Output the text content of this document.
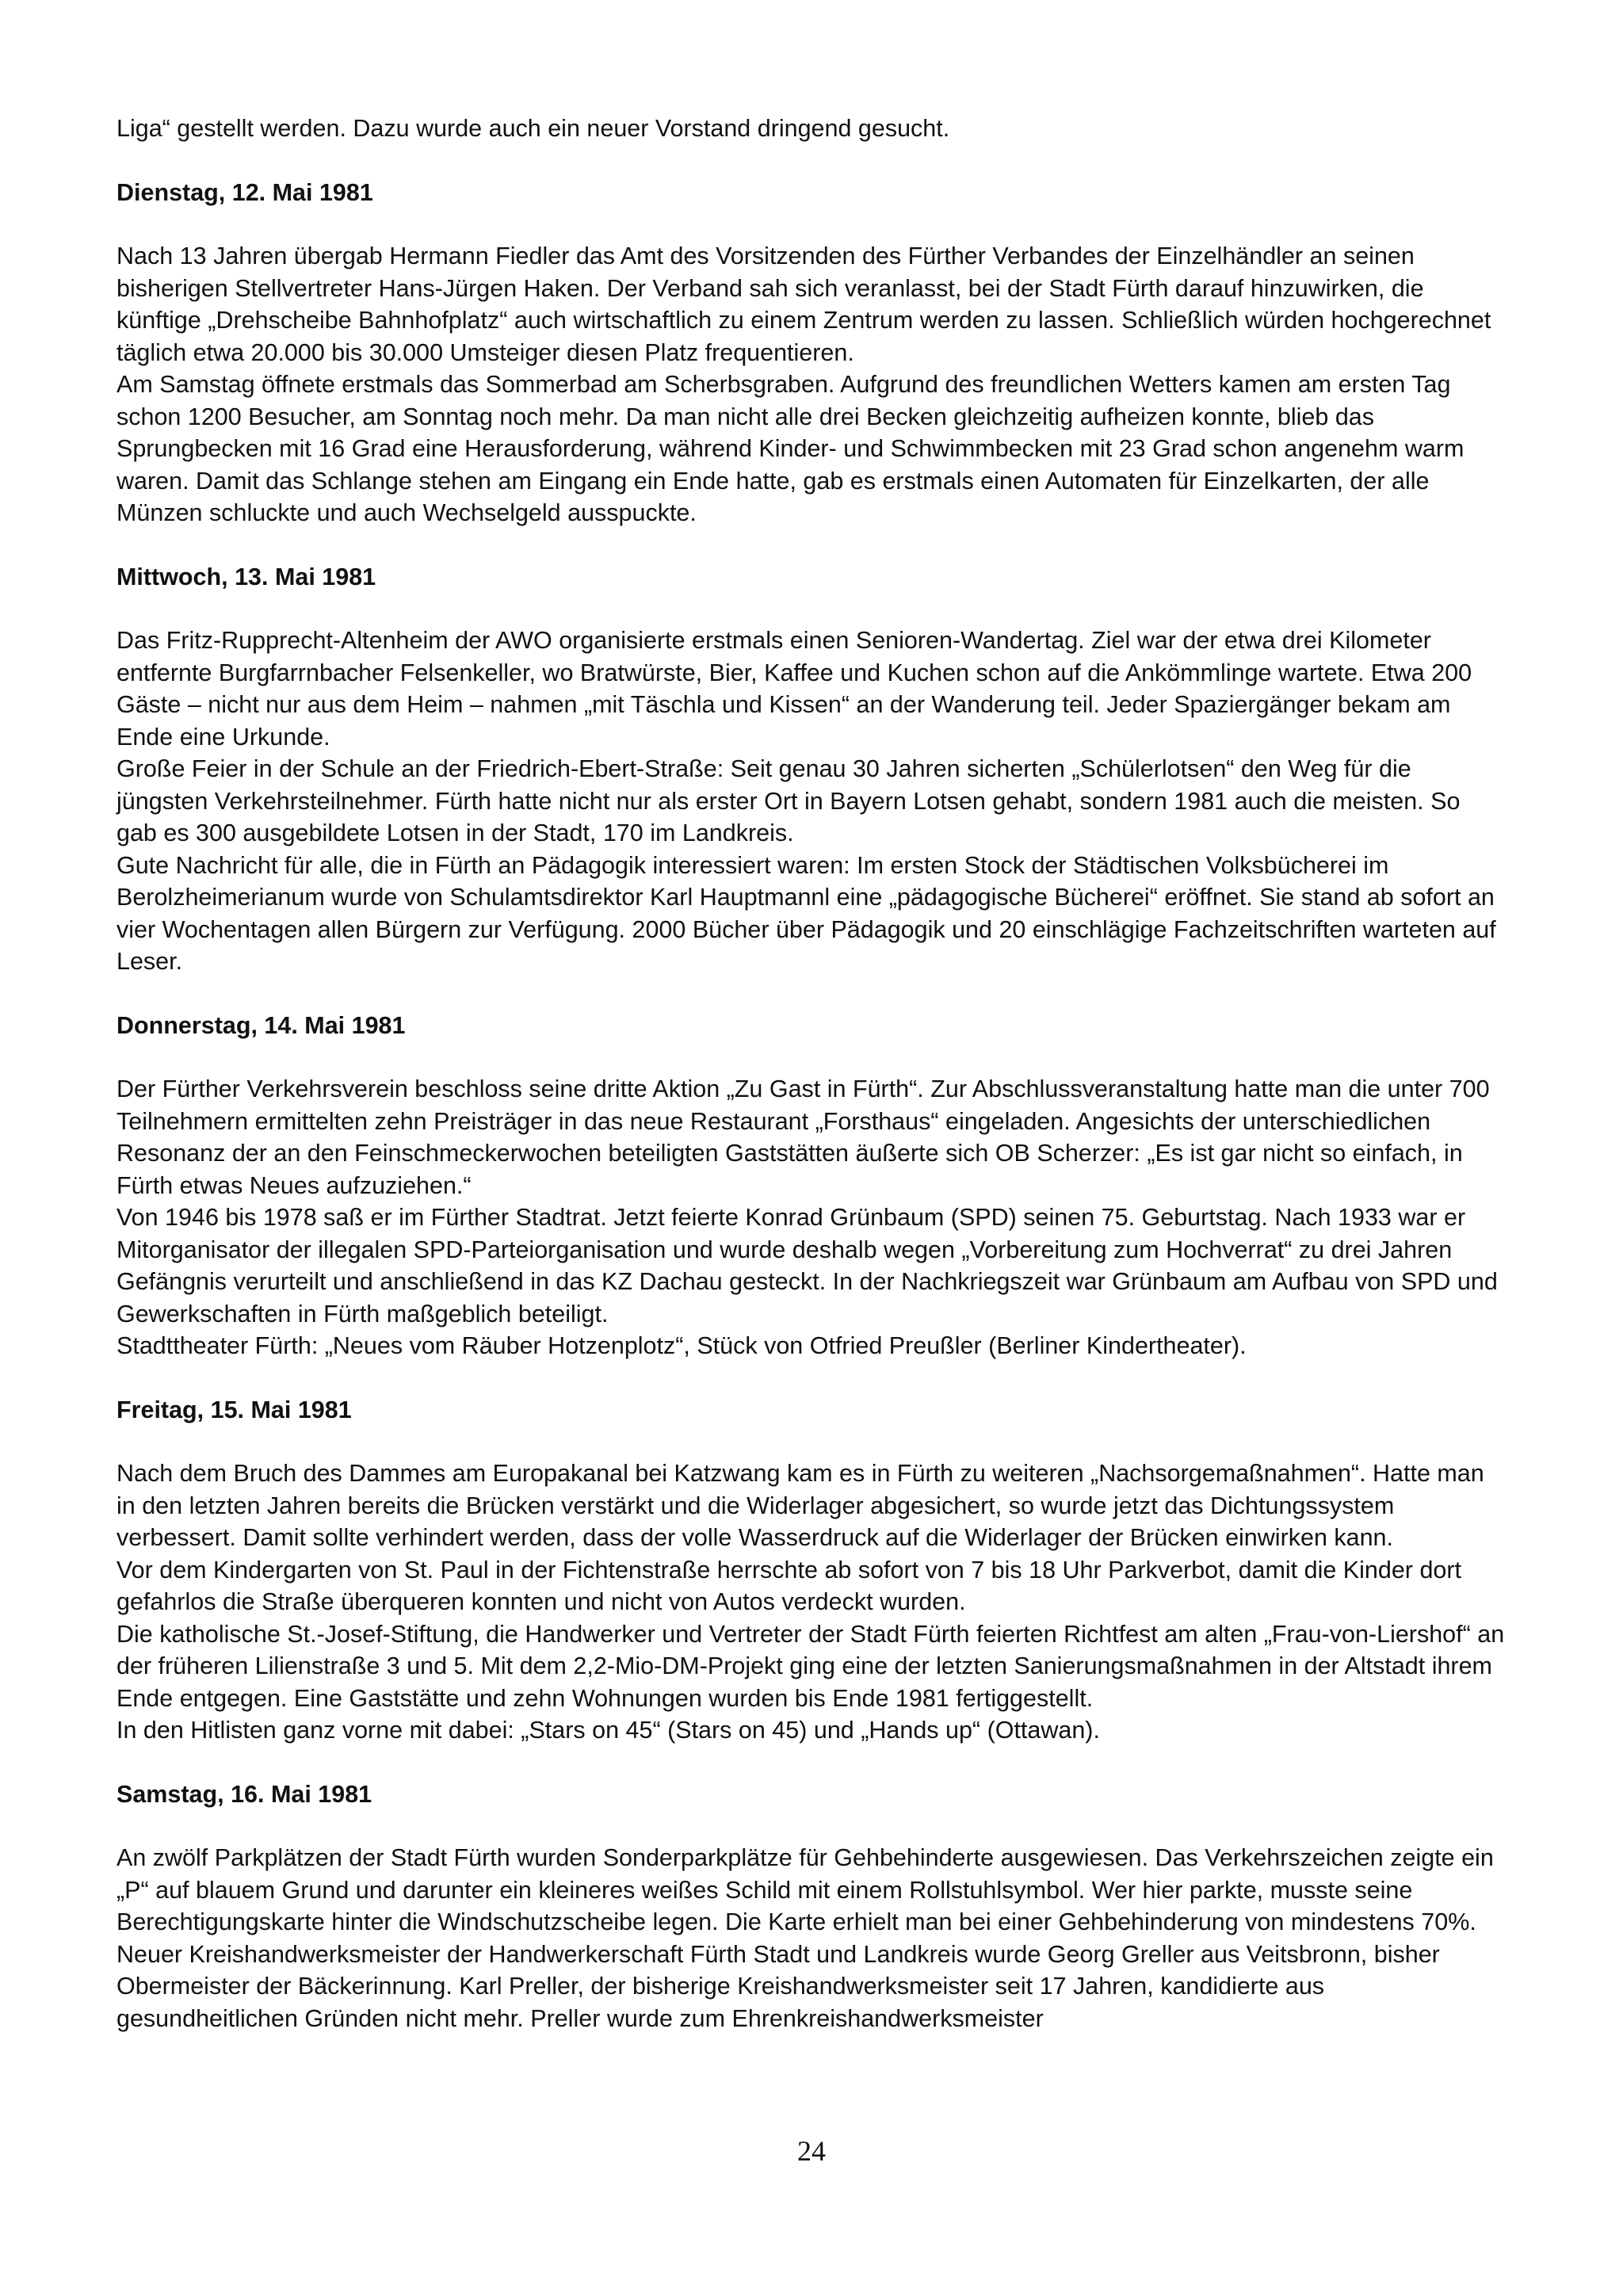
Liga“ gestellt werden. Dazu wurde auch ein neuer Vorstand dringend gesucht.

Dienstag, 12. Mai 1981

Nach 13 Jahren übergab Hermann Fiedler das Amt des Vorsitzenden des Fürther Verbandes der Einzelhändler an seinen bisherigen Stellvertreter Hans-Jürgen Haken. Der Verband sah sich veranlasst, bei der Stadt Fürth darauf hinzuwirken, die künftige „Drehscheibe Bahnhofplatz“ auch wirtschaftlich zu einem Zentrum werden zu lassen. Schließlich würden hochgerechnet täglich etwa 20.000 bis 30.000 Umsteiger diesen Platz frequentieren.

Am Samstag öffnete erstmals das Sommerbad am Scherbsgraben. Aufgrund des freundlichen Wetters kamen am ersten Tag schon 1200 Besucher, am Sonntag noch mehr. Da man nicht alle drei Becken gleichzeitig aufheizen konnte, blieb das Sprungbecken mit 16 Grad eine Herausforderung, während Kinder- und Schwimmbecken mit 23 Grad schon angenehm warm waren. Damit das Schlange stehen am Eingang ein Ende hatte, gab es erstmals einen Automaten für Einzelkarten, der alle Münzen schluckte und auch Wechselgeld ausspuckte.

Mittwoch, 13. Mai 1981

Das Fritz-Rupprecht-Altenheim der AWO organisierte erstmals einen Senioren-Wandertag. Ziel war der etwa drei Kilometer entfernte Burgfarrnbacher Felsenkeller, wo Bratwürste, Bier, Kaffee und Kuchen schon auf die Ankömmlinge wartete. Etwa 200 Gäste – nicht nur aus dem Heim – nahmen „mit Täschla und Kissen“ an der Wanderung teil. Jeder Spaziergänger bekam am Ende eine Urkunde.

Große Feier in der Schule an der Friedrich-Ebert-Straße: Seit genau 30 Jahren sicherten „Schülerlotsen“ den Weg für die jüngsten Verkehrsteilnehmer. Fürth hatte nicht nur als erster Ort in Bayern Lotsen gehabt, sondern 1981 auch die meisten. So gab es 300 ausgebildete Lotsen in der Stadt, 170 im Landkreis.

Gute Nachricht für alle, die in Fürth an Pädagogik interessiert waren: Im ersten Stock der Städtischen Volksbücherei im Berolzheimerianum wurde von Schulamtsdirektor Karl Hauptmannl eine „pädagogische Bücherei“ eröffnet. Sie stand ab sofort an vier Wochentagen allen Bürgern zur Verfügung. 2000 Bücher über Pädagogik und 20 einschlägige Fachzeitschriften warteten auf Leser.

Donnerstag, 14. Mai 1981

Der Fürther Verkehrsverein beschloss seine dritte Aktion „Zu Gast in Fürth“. Zur Abschlussveranstaltung hatte man die unter 700 Teilnehmern ermittelten zehn Preisträger in das neue Restaurant „Forsthaus“ eingeladen. Angesichts der unterschiedlichen Resonanz der an den Feinschmeckerwochen beteiligten Gaststätten äußerte sich OB Scherzer: „Es ist gar nicht so einfach, in Fürth etwas Neues aufzuziehen.“

Von 1946 bis 1978 saß er im Fürther Stadtrat. Jetzt feierte Konrad Grünbaum (SPD) seinen 75. Geburtstag. Nach 1933 war er Mitorganisator der illegalen SPD-Parteiorganisation und wurde deshalb wegen „Vorbereitung zum Hochverrat“ zu drei Jahren Gefängnis verurteilt und anschließend in das KZ Dachau gesteckt. In der Nachkriegszeit war Grünbaum am Aufbau von SPD und Gewerkschaften in Fürth maßgeblich beteiligt.

Stadttheater Fürth: „Neues vom Räuber Hotzenplotz“, Stück von Otfried Preußler (Berliner Kindertheater).

Freitag, 15. Mai 1981

Nach dem Bruch des Dammes am Europakanal bei Katzwang kam es in Fürth zu weiteren „Nachsorgemaßnahmen“. Hatte man in den letzten Jahren bereits die Brücken verstärkt und die Widerlager abgesichert, so wurde jetzt das Dichtungssystem verbessert. Damit sollte verhindert werden, dass der volle Wasserdruck auf die Widerlager der Brücken einwirken kann.

Vor dem Kindergarten von St. Paul in der Fichtenstraße herrschte ab sofort von 7 bis 18 Uhr Parkverbot, damit die Kinder dort gefahrlos die Straße überqueren konnten und nicht von Autos verdeckt wurden.

Die katholische St.-Josef-Stiftung, die Handwerker und Vertreter der Stadt Fürth feierten Richtfest am alten „Frau-von-Liershof“ an der früheren Lilienstraße 3 und 5. Mit dem 2,2-Mio-DM-Projekt ging eine der letzten Sanierungsmaßnahmen in der Altstadt ihrem Ende entgegen. Eine Gaststätte und zehn Wohnungen wurden bis Ende 1981 fertiggestellt.

In den Hitlisten ganz vorne mit dabei: „Stars on 45“ (Stars on 45) und „Hands up“ (Ottawan).

Samstag, 16. Mai 1981

An zwölf Parkplätzen der Stadt Fürth wurden Sonderparkplätze für Gehbehinderte ausgewiesen. Das Verkehrszeichen zeigte ein „P“ auf blauem Grund und darunter ein kleineres weißes Schild mit einem Rollstuhlsymbol. Wer hier parkte, musste seine Berechtigungskarte hinter die Windschutzscheibe legen. Die Karte erhielt man bei einer Gehbehinderung von mindestens 70%.

Neuer Kreishandwerksmeister der Handwerkerschaft Fürth Stadt und Landkreis wurde Georg Greller aus Veitsbronn, bisher Obermeister der Bäckerinnung. Karl Preller, der bisherige Kreishandwerksmeister seit 17 Jahren, kandidierte aus gesundheitlichen Gründen nicht mehr. Preller wurde zum Ehrenkreishandwerksmeister

24
